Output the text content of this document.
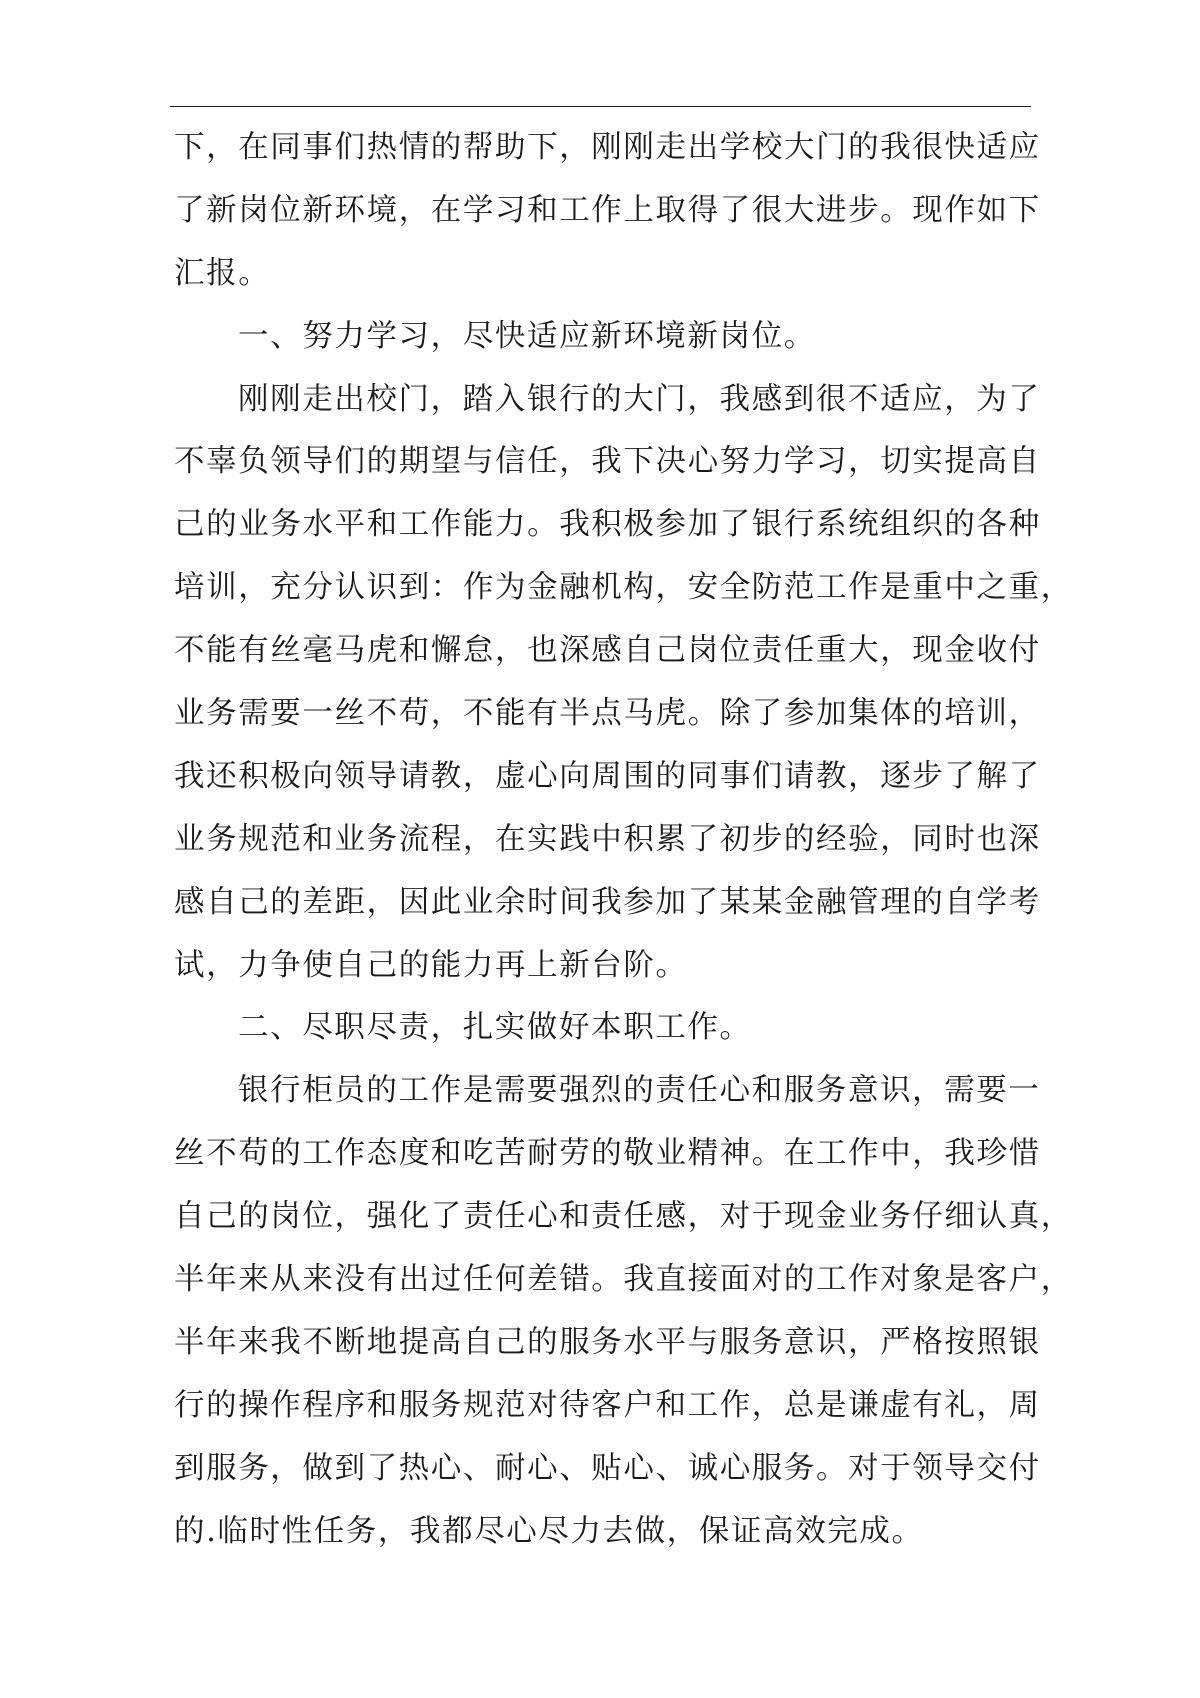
下，在同事们热情的帮助下，刚刚走出学校大门的我很快适应
了新岗位新环境，在学习和工作上取得了很大进步。现作如下
汇报。
一、努力学习，尽快适应新环境新岗位。
刚刚走出校门，踏入银行的大门，我感到很不适应，为了
不辜负领导们的期望与信任，我下决心努力学习，切实提高自
己的业务水平和工作能力。我积极参加了银行系统组织的各种
培训，充分认识到：作为金融机构，安全防范工作是重中之重，
不能有丝毫马虎和懈怠，也深感自己岗位责任重大，现金收付
业务需要一丝不苟，不能有半点马虎。除了参加集体的培训，
我还积极向领导请教，虚心向周围的同事们请教，逐步了解了
业务规范和业务流程，在实践中积累了初步的经验，同时也深
感自己的差距，因此业余时间我参加了某某金融管理的自学考
试，力争使自己的能力再上新台阶。
二、尽职尽责，扎实做好本职工作。
银行柜员的工作是需要强烈的责任心和服务意识，需要一
丝不苟的工作态度和吃苦耐劳的敬业精神。在工作中，我珍惜
自己的岗位，强化了责任心和责任感，对于现金业务仔细认真，
半年来从来没有出过任何差错。我直接面对的工作对象是客户，
半年来我不断地提高自己的服务水平与服务意识，严格按照银
行的操作程序和服务规范对待客户和工作，总是谦虚有礼，周
到服务，做到了热心、耐心、贴心、诚心服务。对于领导交付
的.临时性任务，我都尽心尽力去做，保证高效完成。
